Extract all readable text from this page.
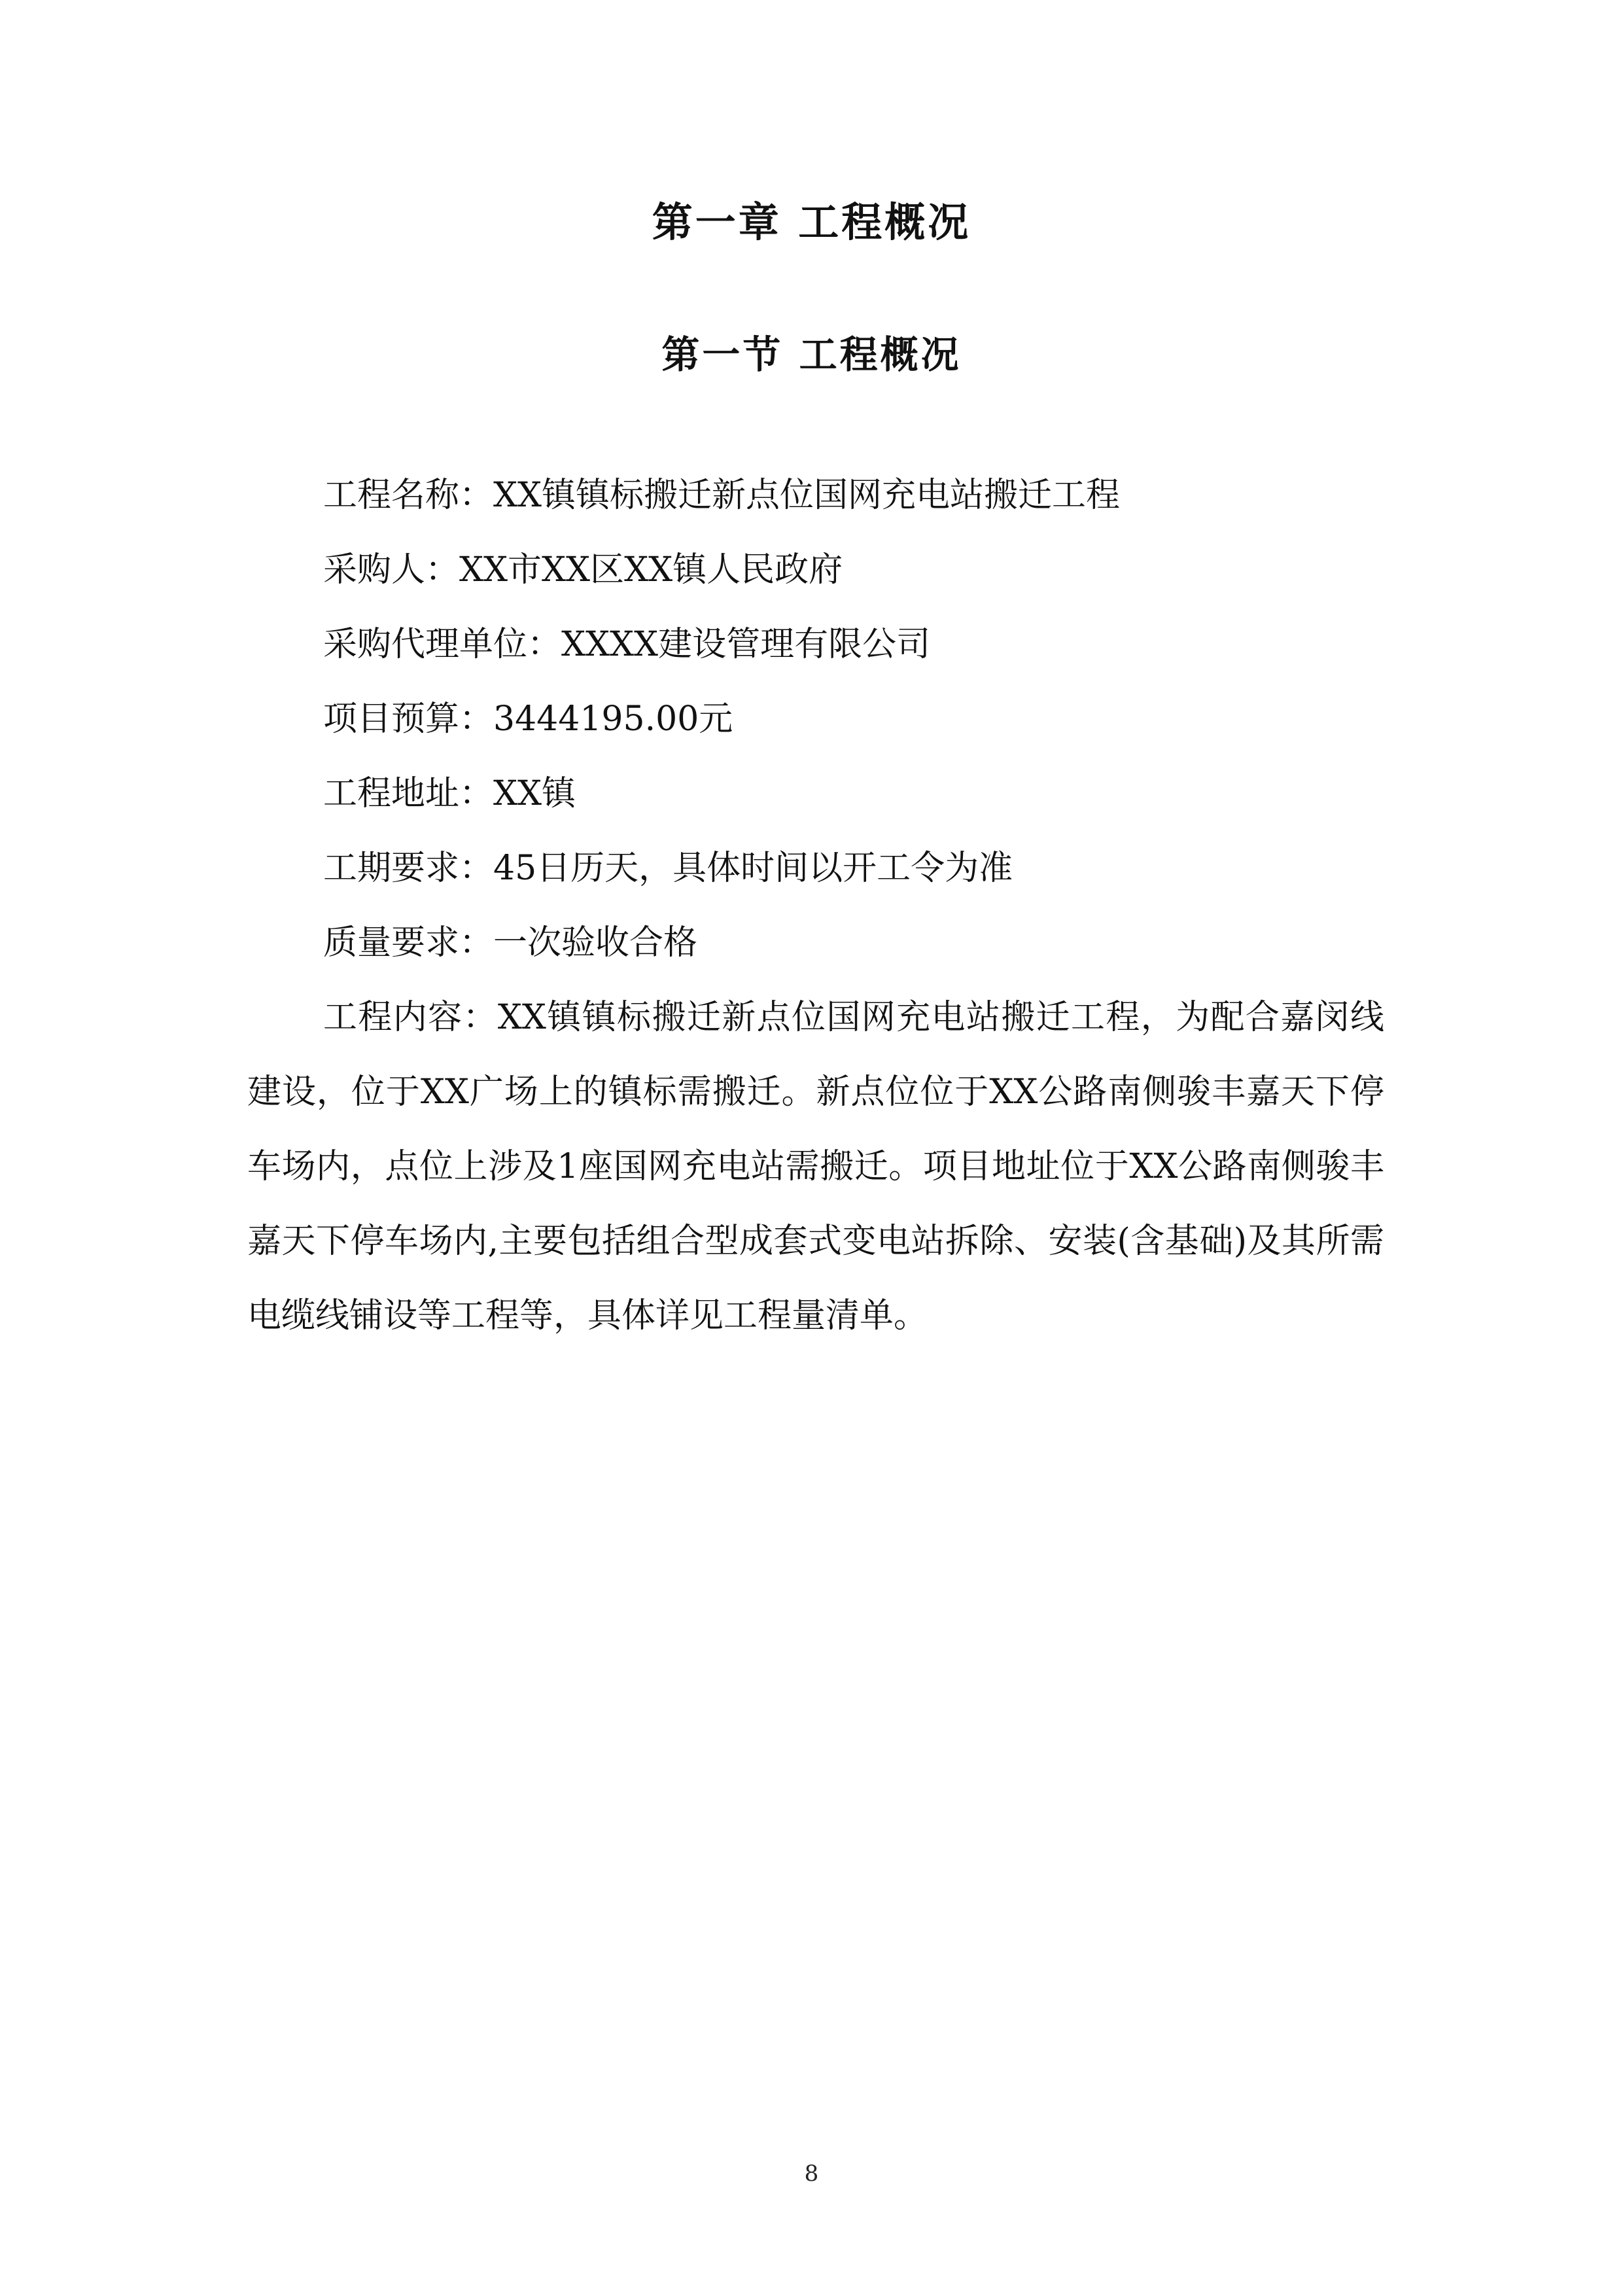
第一章 工程概况
第一节 工程概况

工程名称：XX镇镇标搬迁新点位国网充电站搬迁工程

采购人：XX市XX区XX镇人民政府

采购代理单位：XXXX建设管理有限公司

项目预算：3444195.00元

工程地址：XX镇

工期要求：45日历天，具体时间以开工令为准

质量要求：一次验收合格

工程内容：XX镇镇标搬迁新点位国网充电站搬迁工程，为配合嘉闵线建设，位于XX广场上的镇标需搬迁。新点位位于XX公路南侧骏丰嘉天下停车场内，点位上涉及1座国网充电站需搬迁。项目地址位于XX公路南侧骏丰嘉天下停车场内,主要包括组合型成套式变电站拆除、安装(含基础)及其所需电缆线铺设等工程等，具体详见工程量清单。

8
